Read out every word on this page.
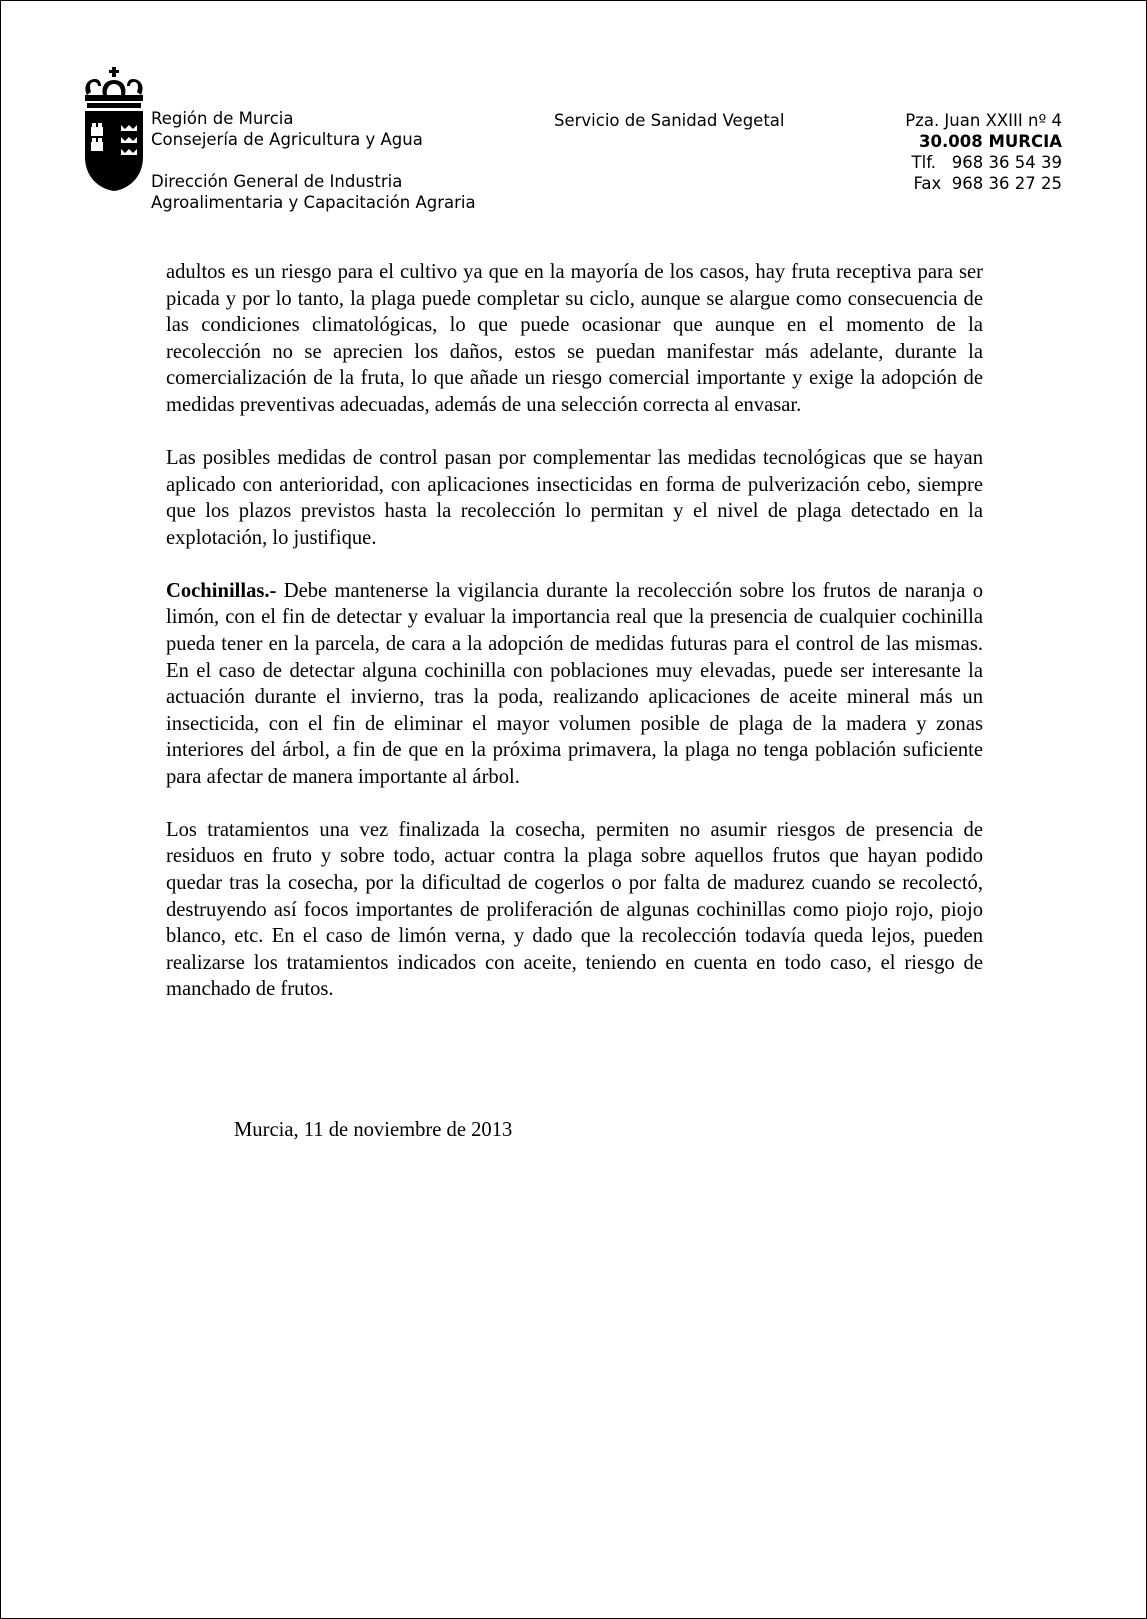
Región de Murcia
Consejería de Agricultura y Agua
Dirección General de Industria
Agroalimentaria y Capacitación Agraria
Servicio de Sanidad Vegetal	Pza. Juan XXIII nº 4
30.008 MURCIA
Tlf.   968 36 54 39
Fax  968 36 27 25

adultos es un riesgo para el cultivo ya que en la mayoría de los casos, hay fruta receptiva para ser picada y por lo tanto, la plaga puede completar su ciclo, aunque se alargue como consecuencia de las condiciones climatológicas, lo que puede ocasionar que aunque en el momento de la recolección no se aprecien los daños, estos se puedan manifestar más adelante, durante la comercialización de la fruta, lo que añade un riesgo comercial importante y exige la adopción de medidas preventivas adecuadas, además de una selección correcta al envasar.

Las posibles medidas de control pasan por complementar las medidas tecnológicas que se hayan aplicado con anterioridad, con aplicaciones insecticidas en forma de pulverización cebo, siempre que los plazos previstos hasta la recolección lo permitan y el nivel de plaga detectado en la explotación, lo justifique.

Cochinillas.- Debe mantenerse la vigilancia durante la recolección sobre los frutos de naranja o limón, con el fin de detectar y evaluar la importancia real que la presencia de cualquier cochinilla pueda tener en la parcela, de cara a la adopción de medidas futuras para el control de las mismas. En el caso de detectar alguna cochinilla con poblaciones muy elevadas, puede ser interesante la actuación durante el invierno, tras la poda, realizando aplicaciones de aceite mineral más un insecticida, con el fin de eliminar el mayor volumen posible de plaga de la madera y zonas interiores del árbol, a fin de que en la próxima primavera, la plaga no tenga población suficiente para afectar de manera importante al árbol.

Los tratamientos una vez finalizada la cosecha, permiten no asumir riesgos de presencia de residuos en fruto y sobre todo, actuar contra la plaga sobre aquellos frutos que hayan podido quedar tras la cosecha, por la dificultad de cogerlos o por falta de madurez cuando se recolectó, destruyendo así focos importantes de proliferación de algunas cochinillas como piojo rojo, piojo blanco, etc. En el caso de limón verna, y dado que la recolección todavía queda lejos, pueden realizarse los tratamientos indicados con aceite, teniendo en cuenta en todo caso, el riesgo de manchado de frutos.

Murcia, 11 de noviembre de 2013
